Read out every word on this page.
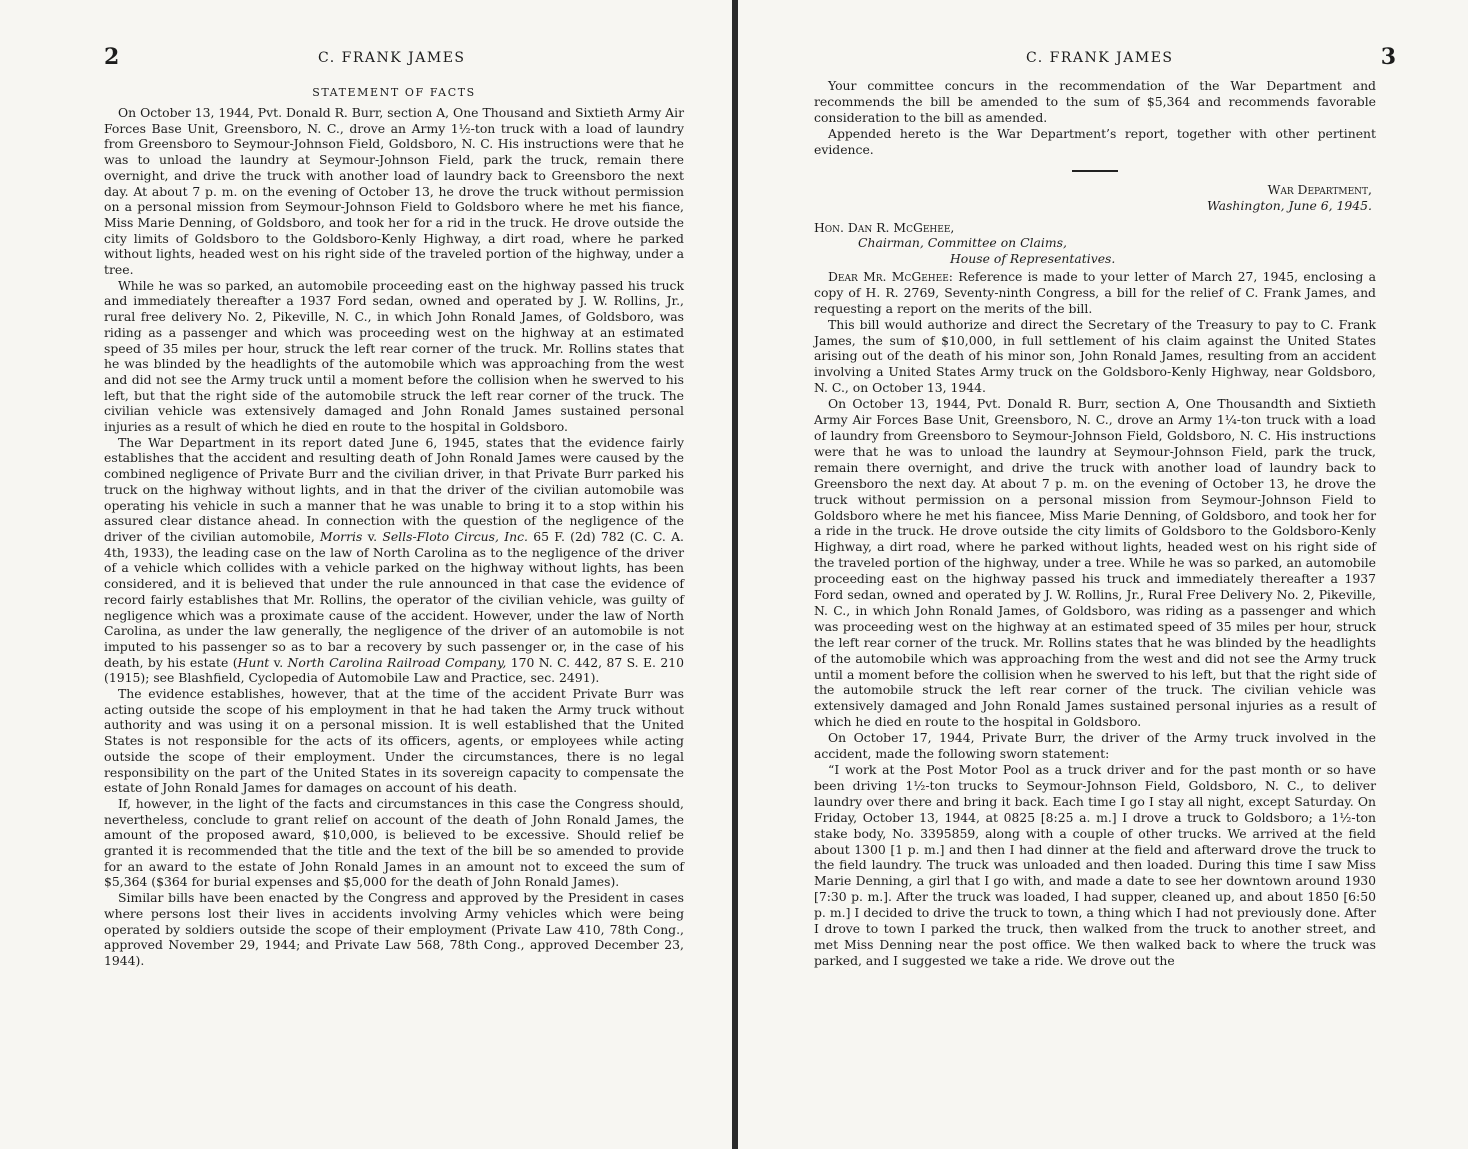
2	C. FRANK JAMES
STATEMENT OF FACTS

On October 13, 1944, Pvt. Donald R. Burr, section A, One Thousand and Sixtieth Army Air Forces Base Unit, Greensboro, N. C., drove an Army 1½-ton truck with a load of laundry from Greensboro to Seymour-Johnson Field, Goldsboro, N. C. His instructions were that he was to unload the laundry at Seymour-Johnson Field, park the truck, remain there overnight, and drive the truck with another load of laundry back to Greensboro the next day. At about 7 p. m. on the evening of October 13, he drove the truck without permission on a personal mission from Seymour-Johnson Field to Goldsboro where he met his fiance, Miss Marie Denning, of Goldsboro, and took her for a rid in the truck. He drove outside the city limits of Goldsboro to the Goldsboro-Kenly Highway, a dirt road, where he parked without lights, headed west on his right side of the traveled portion of the highway, under a tree.

While he was so parked, an automobile proceeding east on the highway passed his truck and immediately thereafter a 1937 Ford sedan, owned and operated by J. W. Rollins, Jr., rural free delivery No. 2, Pikeville, N. C., in which John Ronald James, of Goldsboro, was riding as a passenger and which was proceeding west on the highway at an estimated speed of 35 miles per hour, struck the left rear corner of the truck. Mr. Rollins states that he was blinded by the headlights of the automobile which was approaching from the west and did not see the Army truck until a moment before the collision when he swerved to his left, but that the right side of the automobile struck the left rear corner of the truck. The civilian vehicle was extensively damaged and John Ronald James sustained personal injuries as a result of which he died en route to the hospital in Goldsboro.

The War Department in its report dated June 6, 1945, states that the evidence fairly establishes that the accident and resulting death of John Ronald James were caused by the combined negligence of Private Burr and the civilian driver, in that Private Burr parked his truck on the highway without lights, and in that the driver of the civilian automobile was operating his vehicle in such a manner that he was unable to bring it to a stop within his assured clear distance ahead. In connection with the question of the negligence of the driver of the civilian automobile, Morris v. Sells-Floto Circus, Inc. 65 F. (2d) 782 (C. C. A. 4th, 1933), the leading case on the law of North Carolina as to the negligence of the driver of a vehicle which collides with a vehicle parked on the highway without lights, has been considered, and it is believed that under the rule announced in that case the evidence of record fairly establishes that Mr. Rollins, the operator of the civilian vehicle, was guilty of negligence which was a proximate cause of the accident. However, under the law of North Carolina, as under the law generally, the negligence of the driver of an automobile is not imputed to his passenger so as to bar a recovery by such passenger or, in the case of his death, by his estate (Hunt v. North Carolina Railroad Company, 170 N. C. 442, 87 S. E. 210 (1915); see Blashfield, Cyclopedia of Automobile Law and Practice, sec. 2491).

The evidence establishes, however, that at the time of the accident Private Burr was acting outside the scope of his employment in that he had taken the Army truck without authority and was using it on a personal mission. It is well established that the United States is not responsible for the acts of its officers, agents, or employees while acting outside the scope of their employment. Under the circumstances, there is no legal responsibility on the part of the United States in its sovereign capacity to compensate the estate of John Ronald James for damages on account of his death.

If, however, in the light of the facts and circumstances in this case the Congress should, nevertheless, conclude to grant relief on account of the death of John Ronald James, the amount of the proposed award, $10,000, is believed to be excessive. Should relief be granted it is recommended that the title and the text of the bill be so amended to provide for an award to the estate of John Ronald James in an amount not to exceed the sum of $5,364 ($364 for burial expenses and $5,000 for the death of John Ronald James).

Similar bills have been enacted by the Congress and approved by the President in cases where persons lost their lives in accidents involving Army vehicles which were being operated by soldiers outside the scope of their employment (Private Law 410, 78th Cong., approved November 29, 1944; and Private Law 568, 78th Cong., approved December 23, 1944).

C. FRANK JAMES	3

Your committee concurs in the recommendation of the War Department and recommends the bill be amended to the sum of $5,364 and recommends favorable consideration to the bill as amended.

Appended hereto is the War Department’s report, together with other pertinent evidence.

War Department,
Washington, June 6, 1945.
Hon. Dan R. McGehee,
Chairman, Committee on Claims,
House of Representatives.

Dear Mr. McGehee: Reference is made to your letter of March 27, 1945, enclosing a copy of H. R. 2769, Seventy-ninth Congress, a bill for the relief of C. Frank James, and requesting a report on the merits of the bill.

This bill would authorize and direct the Secretary of the Treasury to pay to C. Frank James, the sum of $10,000, in full settlement of his claim against the United States arising out of the death of his minor son, John Ronald James, resulting from an accident involving a United States Army truck on the Goldsboro-Kenly Highway, near Goldsboro, N. C., on October 13, 1944.

On October 13, 1944, Pvt. Donald R. Burr, section A, One Thousandth and Sixtieth Army Air Forces Base Unit, Greensboro, N. C., drove an Army 1¼-ton truck with a load of laundry from Greensboro to Seymour-Johnson Field, Goldsboro, N. C. His instructions were that he was to unload the laundry at Seymour-Johnson Field, park the truck, remain there overnight, and drive the truck with another load of laundry back to Greensboro the next day. At about 7 p. m. on the evening of October 13, he drove the truck without permission on a personal mission from Seymour-Johnson Field to Goldsboro where he met his fiancee, Miss Marie Denning, of Goldsboro, and took her for a ride in the truck. He drove outside the city limits of Goldsboro to the Goldsboro-Kenly Highway, a dirt road, where he parked without lights, headed west on his right side of the traveled portion of the highway, under a tree. While he was so parked, an automobile proceeding east on the highway passed his truck and immediately thereafter a 1937 Ford sedan, owned and operated by J. W. Rollins, Jr., Rural Free Delivery No. 2, Pikeville, N. C., in which John Ronald James, of Goldsboro, was riding as a passenger and which was proceeding west on the highway at an estimated speed of 35 miles per hour, struck the left rear corner of the truck. Mr. Rollins states that he was blinded by the headlights of the automobile which was approaching from the west and did not see the Army truck until a moment before the collision when he swerved to his left, but that the right side of the automobile struck the left rear corner of the truck. The civilian vehicle was extensively damaged and John Ronald James sustained personal injuries as a result of which he died en route to the hospital in Goldsboro.

On October 17, 1944, Private Burr, the driver of the Army truck involved in the accident, made the following sworn statement:

“I work at the Post Motor Pool as a truck driver and for the past month or so have been driving 1½-ton trucks to Seymour-Johnson Field, Goldsboro, N. C., to deliver laundry over there and bring it back. Each time I go I stay all night, except Saturday. On Friday, October 13, 1944, at 0825 [8:25 a. m.] I drove a truck to Goldsboro; a 1½-ton stake body, No. 3395859, along with a couple of other trucks. We arrived at the field about 1300 [1 p. m.] and then I had dinner at the field and afterward drove the truck to the field laundry. The truck was unloaded and then loaded. During this time I saw Miss Marie Denning, a girl that I go with, and made a date to see her downtown around 1930 [7:30 p. m.]. After the truck was loaded, I had supper, cleaned up, and about 1850 [6:50 p. m.] I decided to drive the truck to town, a thing which I had not previously done. After I drove to town I parked the truck, then walked from the truck to another street, and met Miss Denning near the post office. We then walked back to where the truck was parked, and I suggested we take a ride. We drove out the
